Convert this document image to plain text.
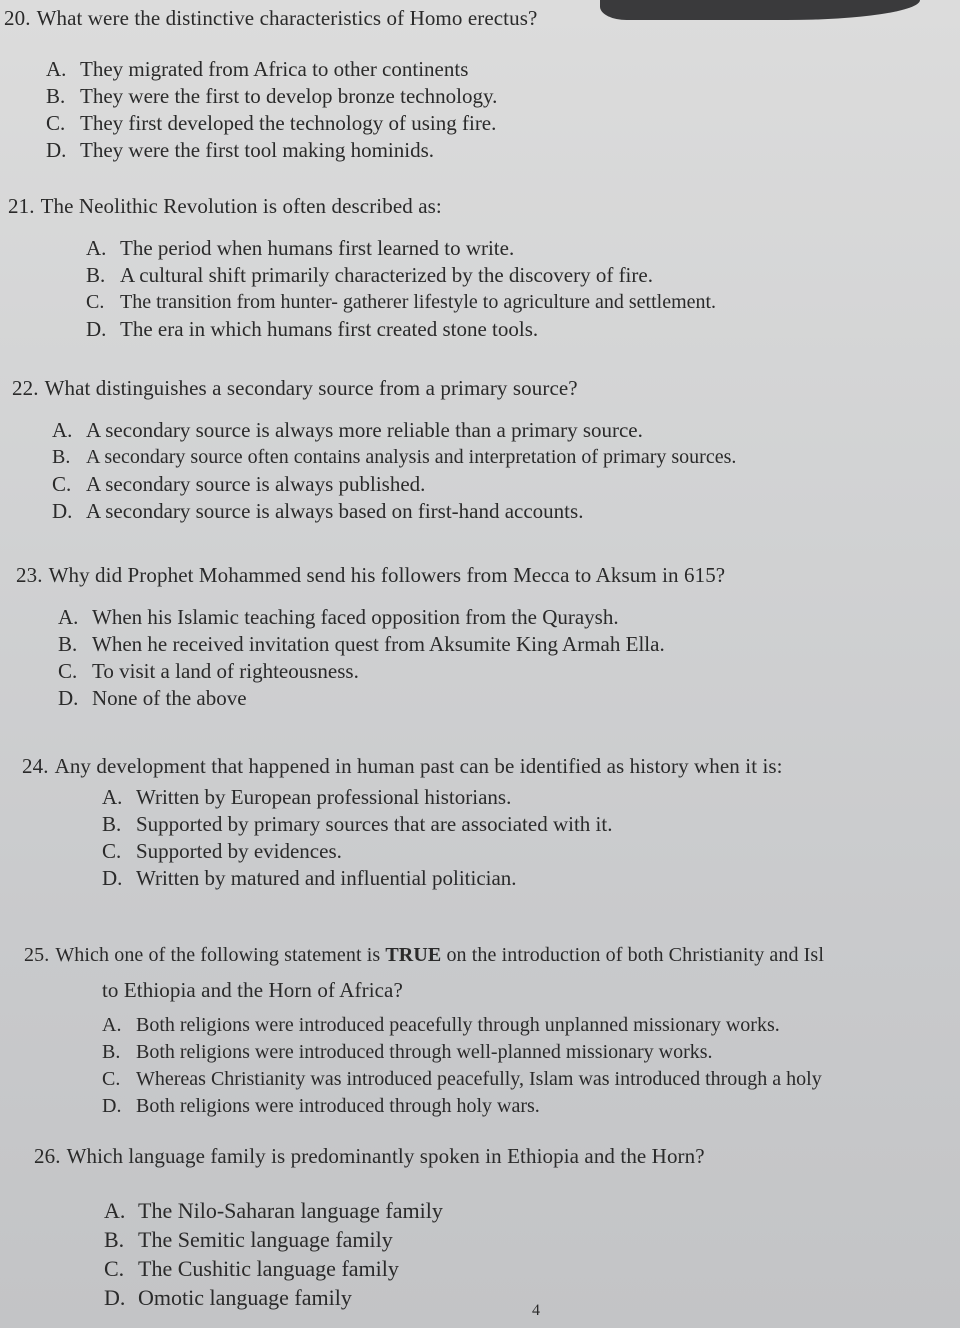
20. What were the distinctive characteristics of Homo erectus?
A. They migrated from Africa to other continents
B. They were the first to develop bronze technology.
C. They first developed the technology of using fire.
D. They were the first tool making hominids.
21. The Neolithic Revolution is often described as:
A. The period when humans first learned to write.
B. A cultural shift primarily characterized by the discovery of fire.
C. The transition from hunter- gatherer lifestyle to agriculture and settlement.
D. The era in which humans first created stone tools.
22. What distinguishes a secondary source from a primary source?
A. A secondary source is always more reliable than a primary source.
B. A secondary source often contains analysis and interpretation of primary sources.
C. A secondary source is always published.
D. A secondary source is always based on first-hand accounts.
23. Why did Prophet Mohammed send his followers from Mecca to Aksum in 615?
A. When his Islamic teaching faced opposition from the Quraysh.
B. When he received invitation quest from Aksumite King Armah Ella.
C. To visit a land of righteousness.
D. None of the above
24. Any development that happened in human past can be identified as history when it is:
A. Written by European professional historians.
B. Supported by primary sources that are associated with it.
C. Supported by evidences.
D. Written by matured and influential politician.
25. Which one of the following statement is TRUE on the introduction of both Christianity and Isl
to Ethiopia and the Horn of Africa?
A. Both religions were introduced peacefully through unplanned missionary works.
B. Both religions were introduced through well-planned missionary works.
C. Whereas Christianity was introduced peacefully, Islam was introduced through a holy
D. Both religions were introduced through holy wars.
26. Which language family is predominantly spoken in Ethiopia and the Horn?
A. The Nilo-Saharan language family
B. The Semitic language family
C. The Cushitic language family
D. Omotic language family
4
